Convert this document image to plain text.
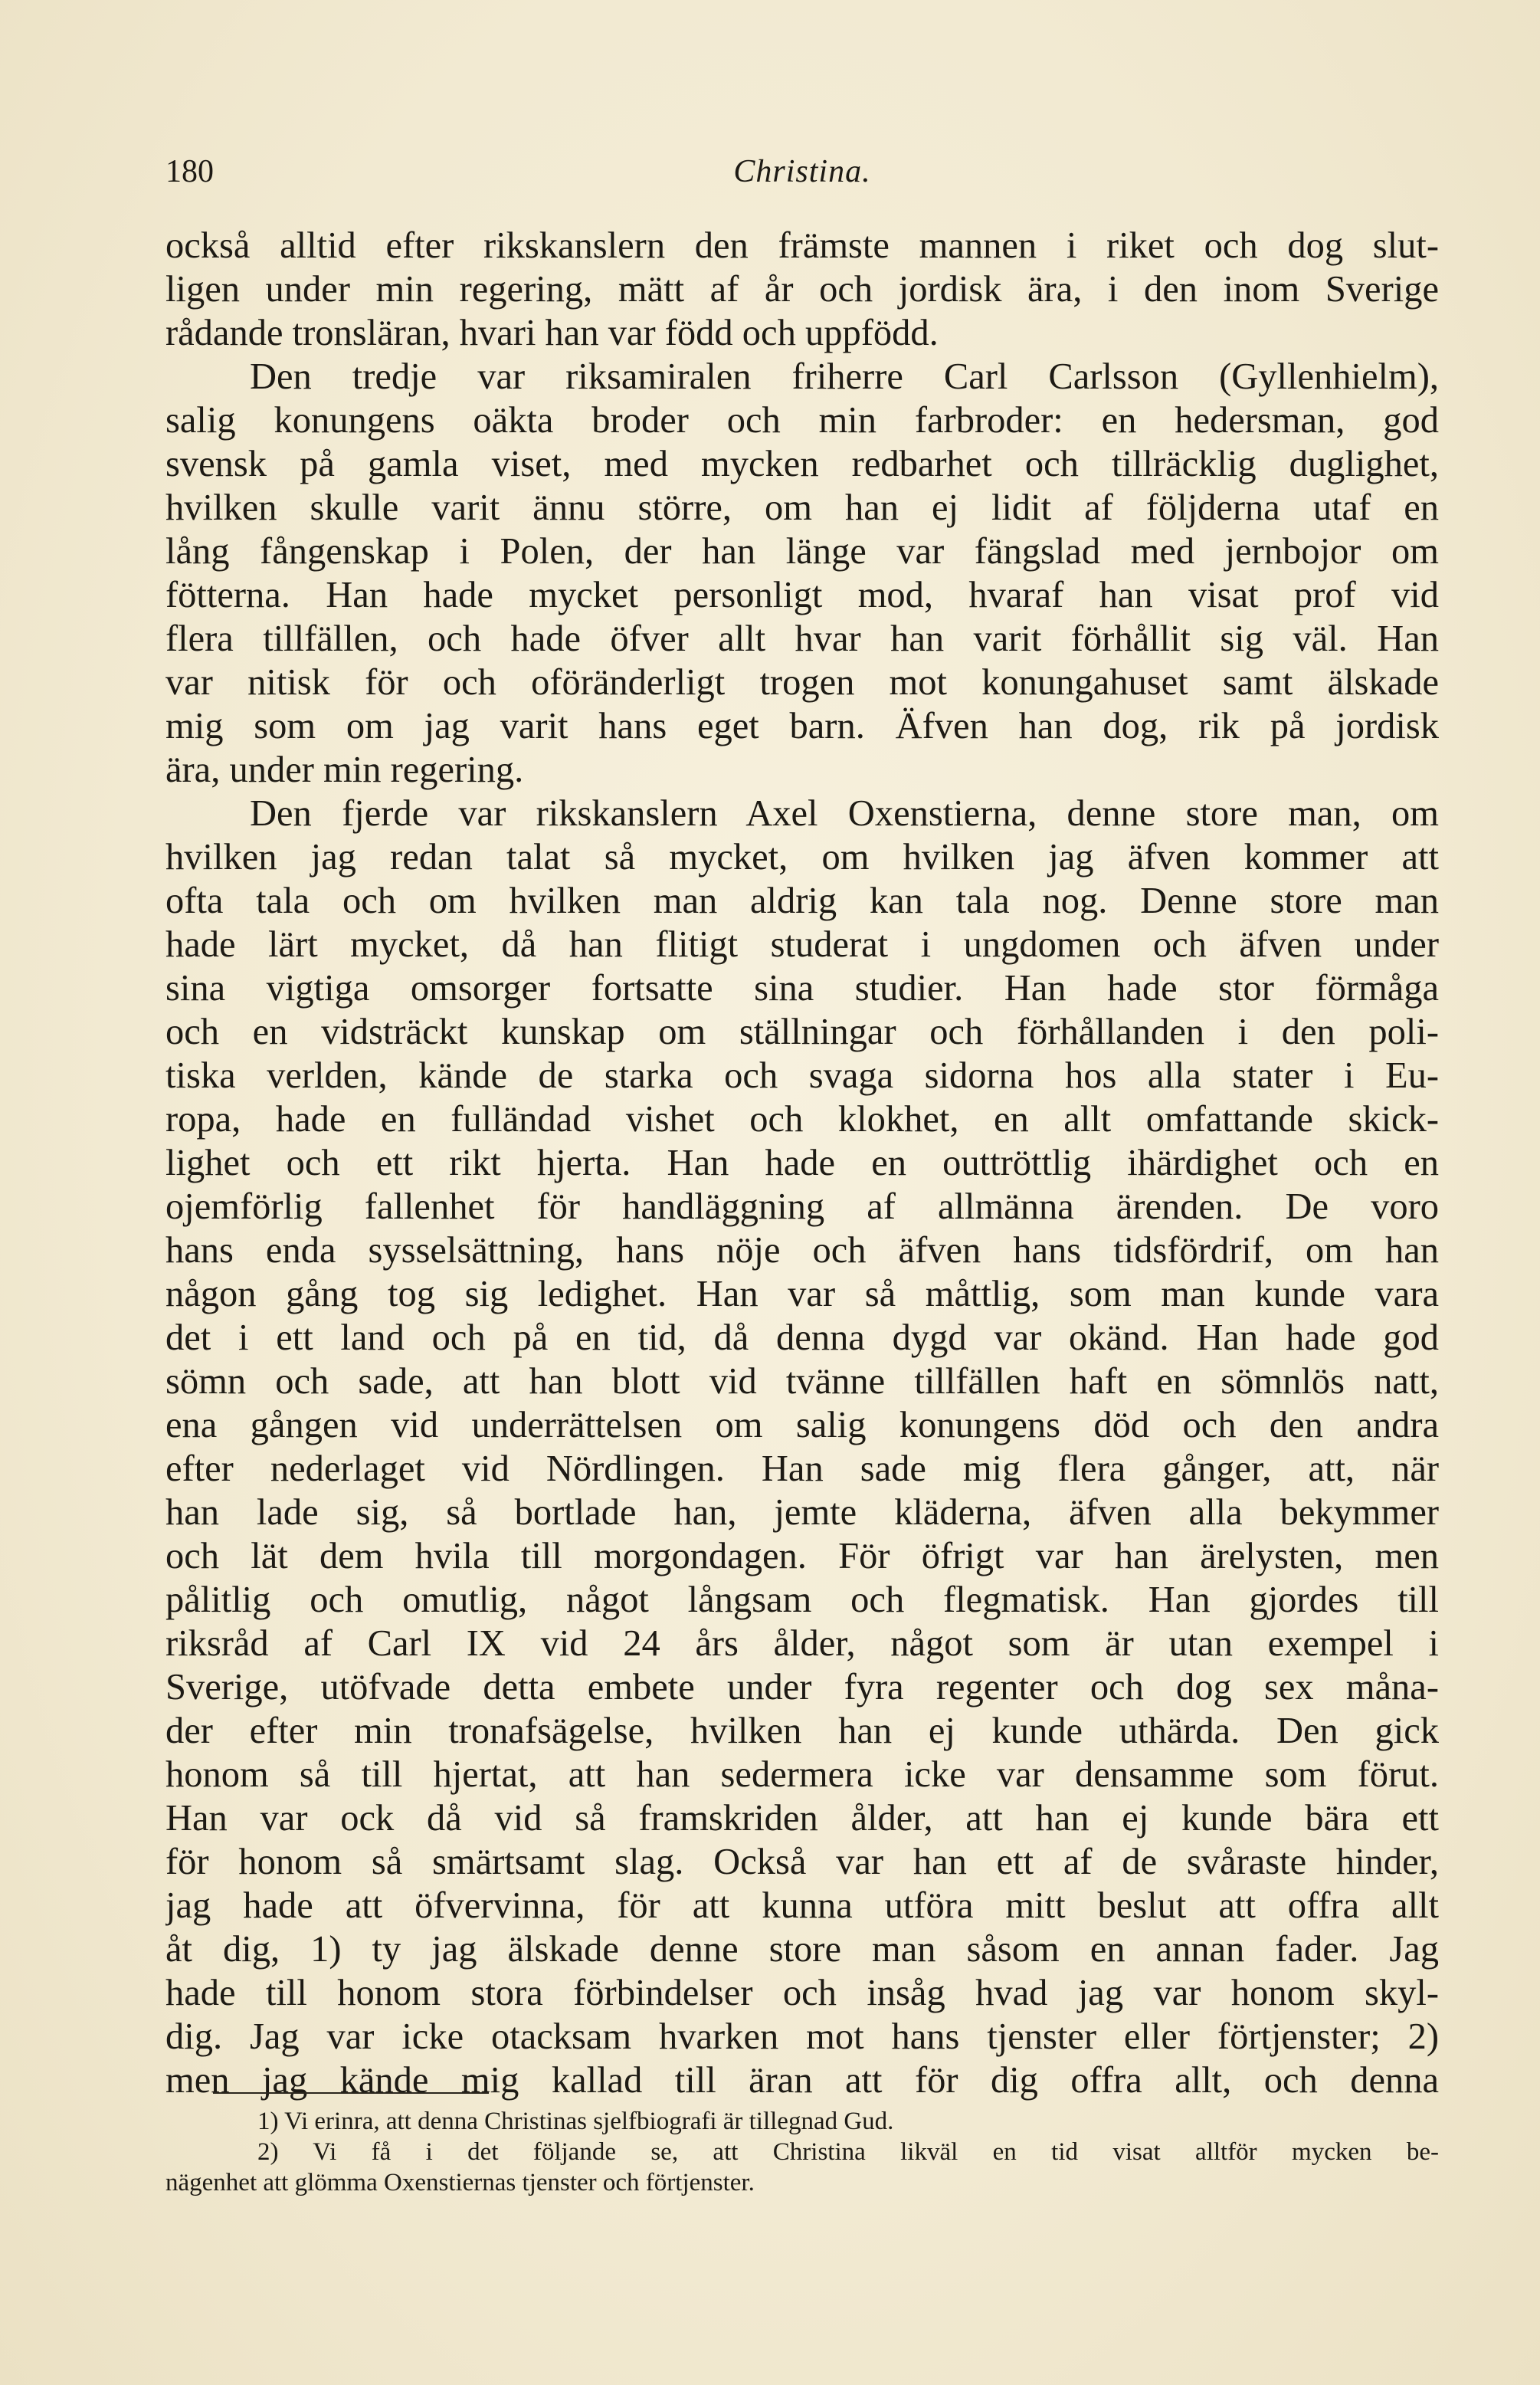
180	Christina.
också alltid efter rikskanslern den främste mannen i riket och dog slut-
ligen under min regering, mätt af år och jordisk ära, i den inom Sverige
rådande tronsläran, hvari han var född och uppfödd.
Den tredje var riksamiralen friherre Carl Carlsson (Gyllenhielm),
salig konungens oäkta broder och min farbroder: en hedersman, god
svensk på gamla viset, med mycken redbarhet och tillräcklig duglighet,
hvilken skulle varit ännu större, om han ej lidit af följderna utaf en
lång fångenskap i Polen, der han länge var fängslad med jernbojor om
fötterna. Han hade mycket personligt mod, hvaraf han visat prof vid
flera tillfällen, och hade öfver allt hvar han varit förhållit sig väl. Han
var nitisk för och oföränderligt trogen mot konungahuset samt älskade
mig som om jag varit hans eget barn. Äfven han dog, rik på jordisk
ära, under min regering.
Den fjerde var rikskanslern Axel Oxenstierna, denne store man, om
hvilken jag redan talat så mycket, om hvilken jag äfven kommer att
ofta tala och om hvilken man aldrig kan tala nog. Denne store man
hade lärt mycket, då han flitigt studerat i ungdomen och äfven under
sina vigtiga omsorger fortsatte sina studier. Han hade stor förmåga
och en vidsträckt kunskap om ställningar och förhållanden i den poli-
tiska verlden, kände de starka och svaga sidorna hos alla stater i Eu-
ropa, hade en fulländad vishet och klokhet, en allt omfattande skick-
lighet och ett rikt hjerta. Han hade en outtröttlig ihärdighet och en
ojemförlig fallenhet för handläggning af allmänna ärenden. De voro
hans enda sysselsättning, hans nöje och äfven hans tidsfördrif, om han
någon gång tog sig ledighet. Han var så måttlig, som man kunde vara
det i ett land och på en tid, då denna dygd var okänd. Han hade god
sömn och sade, att han blott vid tvänne tillfällen haft en sömnlös natt,
ena gången vid underrättelsen om salig konungens död och den andra
efter nederlaget vid Nördlingen. Han sade mig flera gånger, att, när
han lade sig, så bortlade han, jemte kläderna, äfven alla bekymmer
och lät dem hvila till morgondagen. För öfrigt var han ärelysten, men
pålitlig och omutlig, något långsam och flegmatisk. Han gjordes till
riksråd af Carl IX vid 24 års ålder, något som är utan exempel i
Sverige, utöfvade detta embete under fyra regenter och dog sex måna-
der efter min tronafsägelse, hvilken han ej kunde uthärda. Den gick
honom så till hjertat, att han sedermera icke var densamme som förut.
Han var ock då vid så framskriden ålder, att han ej kunde bära ett
för honom så smärtsamt slag. Också var han ett af de svåraste hinder,
jag hade att öfvervinna, för att kunna utföra mitt beslut att offra allt
åt dig, 1) ty jag älskade denne store man såsom en annan fader. Jag
hade till honom stora förbindelser och insåg hvad jag var honom skyl-
dig. Jag var icke otacksam hvarken mot hans tjenster eller förtjenster; 2)
men jag kände mig kallad till äran att för dig offra allt, och denna
1) Vi erinra, att denna Christinas sjelfbiografi är tillegnad Gud.
2) Vi få i det följande se, att Christina likväl en tid visat alltför mycken be-
nägenhet att glömma Oxenstiernas tjenster och förtjenster.
